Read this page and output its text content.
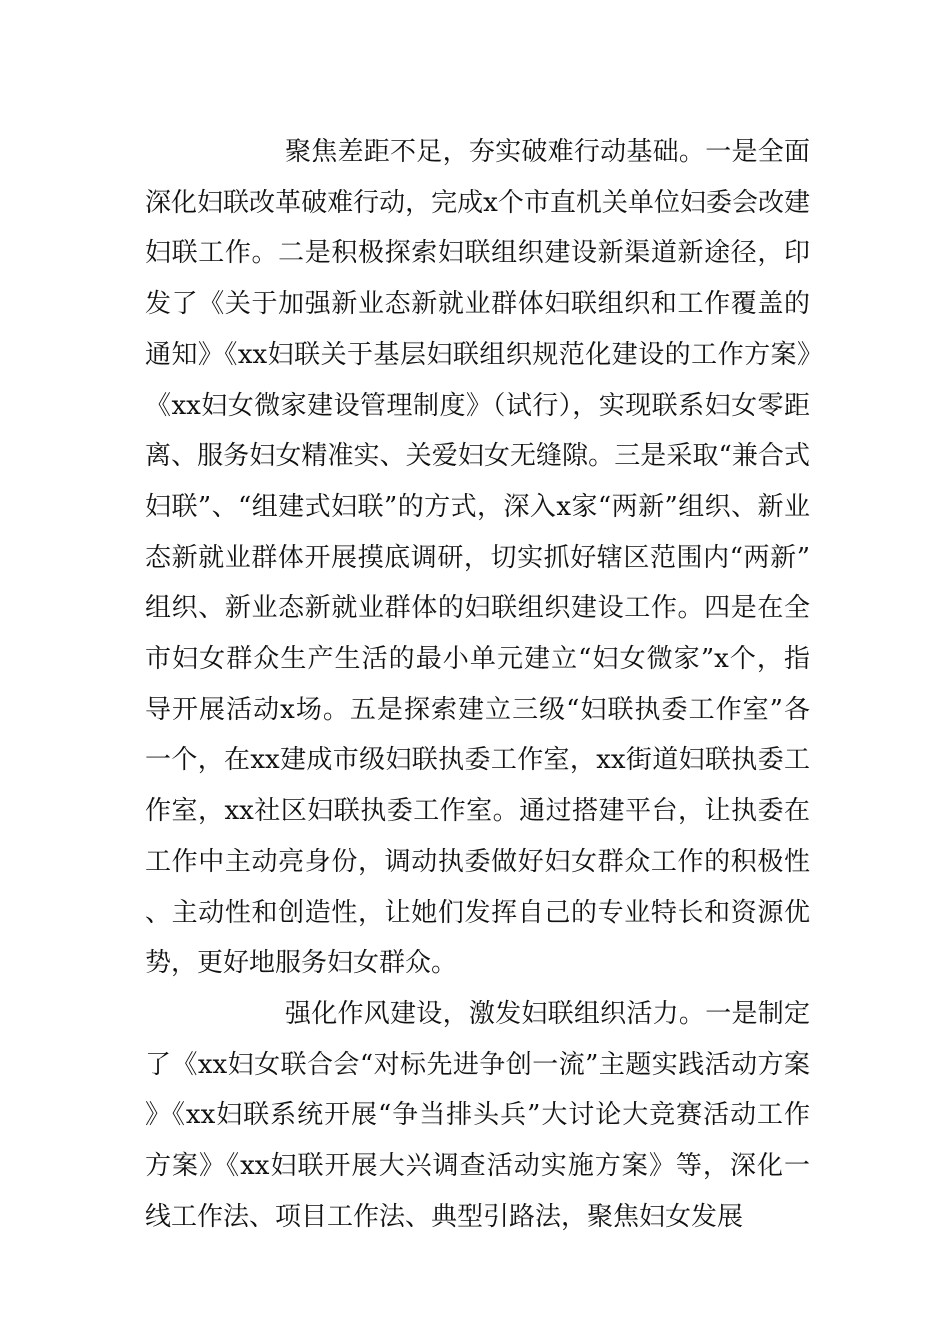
聚焦差距不足，夯实破难行动基础。一是全面深化妇联改革破难行动，完成x个市直机关单位妇委会改建妇联工作。二是积极探索妇联组织建设新渠道新途径，印发了《关于加强新业态新就业群体妇联组织和工作覆盖的通知》《xx妇联关于基层妇联组织规范化建设的工作方案》《xx妇女微家建设管理制度》（试行），实现联系妇女零距离、服务妇女精准实、关爱妇女无缝隙。三是采取“兼合式妇联”、“组建式妇联”的方式，深入x家“两新”组织、新业态新就业群体开展摸底调研，切实抓好辖区范围内“两新”组织、新业态新就业群体的妇联组织建设工作。四是在全市妇女群众生产生活的最小单元建立“妇女微家”x个，指导开展活动x场。五是探索建立三级“妇联执委工作室”各一个，在xx建成市级妇联执委工作室，xx街道妇联执委工作室，xx社区妇联执委工作室。通过搭建平台，让执委在工作中主动亮身份，调动执委做好妇女群众工作的积极性、主动性和创造性，让她们发挥自己的专业特长和资源优势，更好地服务妇女群众。

强化作风建设，激发妇联组织活力。一是制定了《xx妇女联合会“对标先进争创一流”主题实践活动方案》《xx妇联系统开展“争当排头兵”大讨论大竞赛活动工作方案》《xx妇联开展大兴调查活动实施方案》等，深化一线工作法、项目工作法、典型引路法，聚焦妇女发展
